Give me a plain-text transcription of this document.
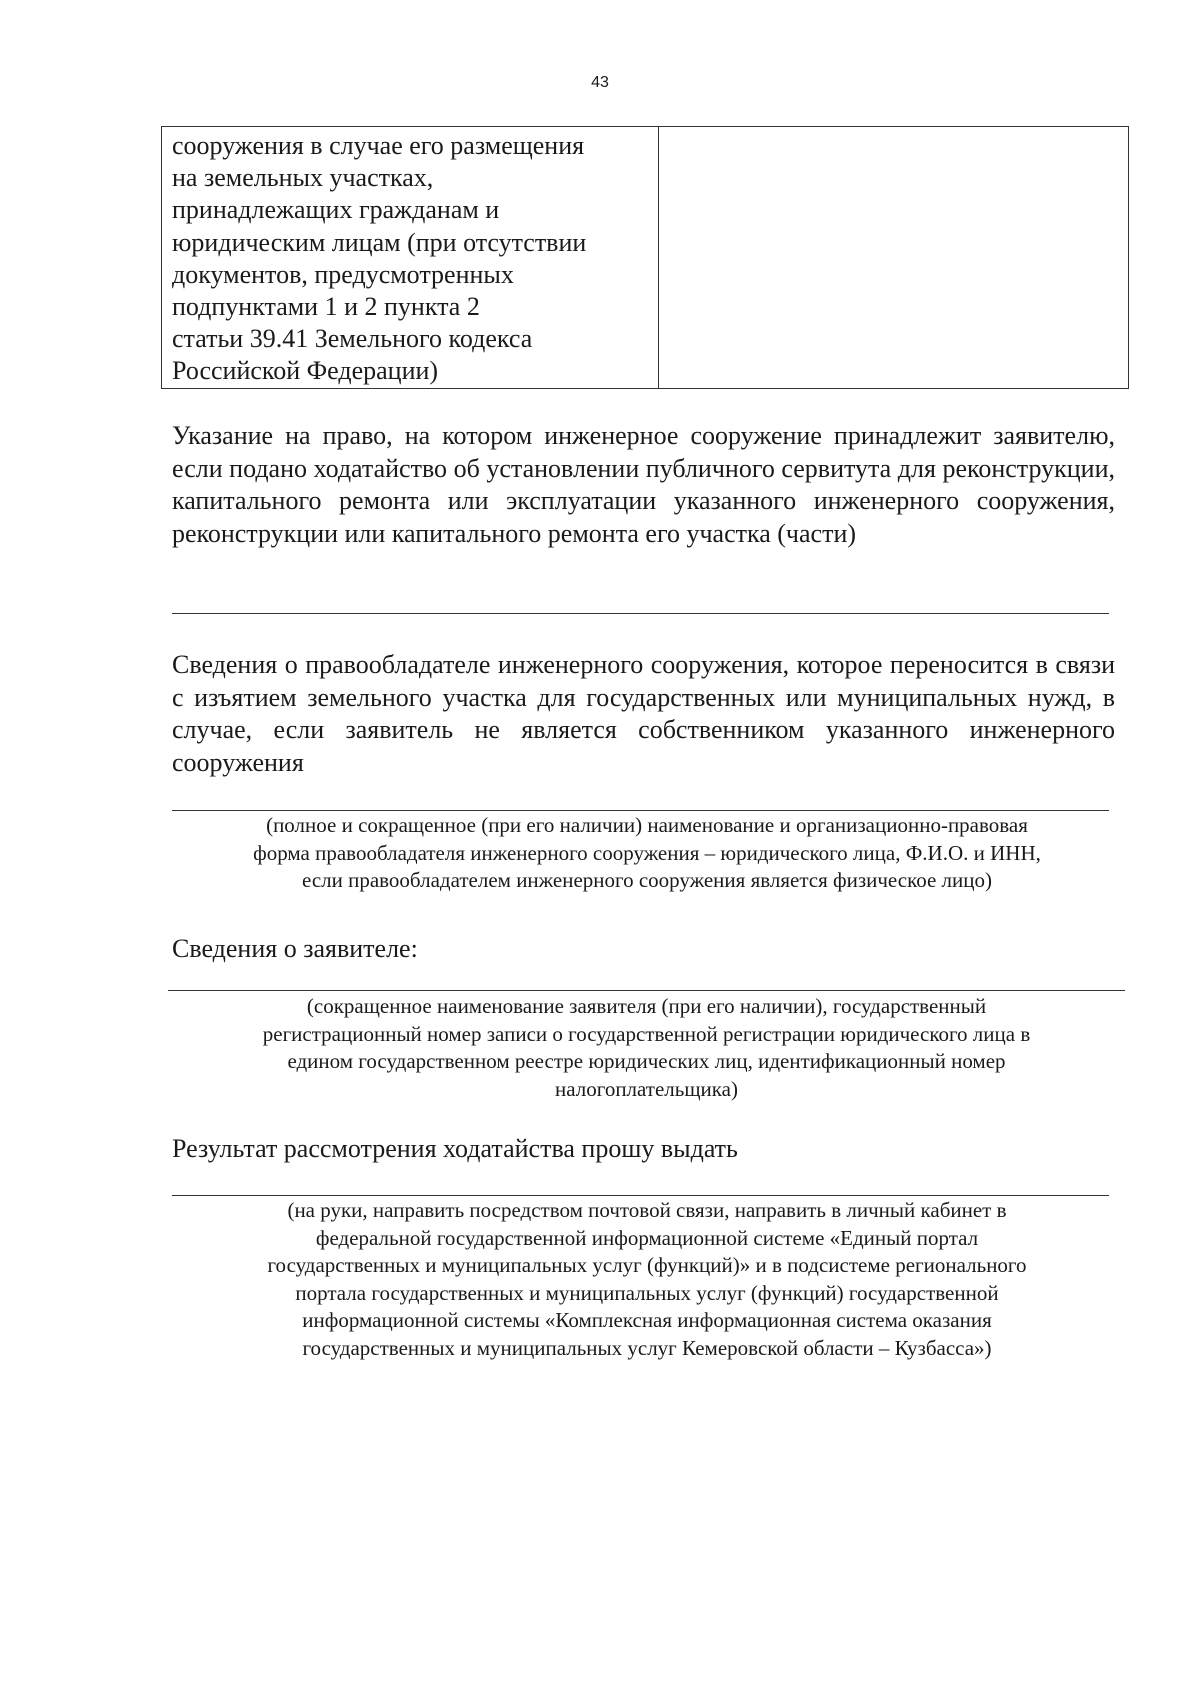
43
сооружения в случае его размещения
на земельных участках,
принадлежащих гражданам и
юридическим лицам (при отсутствии
документов, предусмотренных
подпунктами 1 и 2 пункта 2
статьи 39.41 Земельного кодекса
Российской Федерации)

Указание на право, на котором инженерное сооружение принадлежит заявителю, если подано ходатайство об установлении публичного сервитута для реконструкции, капитального ремонта или эксплуатации указанного инженерного сооружения, реконструкции или капитального ремонта его участка (части)

Сведения о правообладателе инженерного сооружения, которое переносится в связи с изъятием земельного участка для государственных или муниципальных нужд, в случае, если заявитель не является собственником указанного инженерного сооружения

(полное и сокращенное (при его наличии) наименование и организационно-правовая
форма правообладателя инженерного сооружения – юридического лица, Ф.И.О. и ИНН,
если правообладателем инженерного сооружения является физическое лицо)

Сведения о заявителе:

(сокращенное наименование заявителя (при его наличии), государственный
регистрационный номер записи о государственной регистрации юридического лица в
едином государственном реестре юридических лиц, идентификационный номер
налогоплательщика)

Результат рассмотрения ходатайства прошу выдать

(на руки, направить посредством почтовой связи, направить в личный кабинет в
федеральной государственной информационной системе «Единый портал
государственных и муниципальных услуг (функций)» и в подсистеме регионального
портала государственных и муниципальных услуг (функций) государственной
информационной системы «Комплексная информационная система оказания
государственных и муниципальных услуг Кемеровской области – Кузбасса»)
